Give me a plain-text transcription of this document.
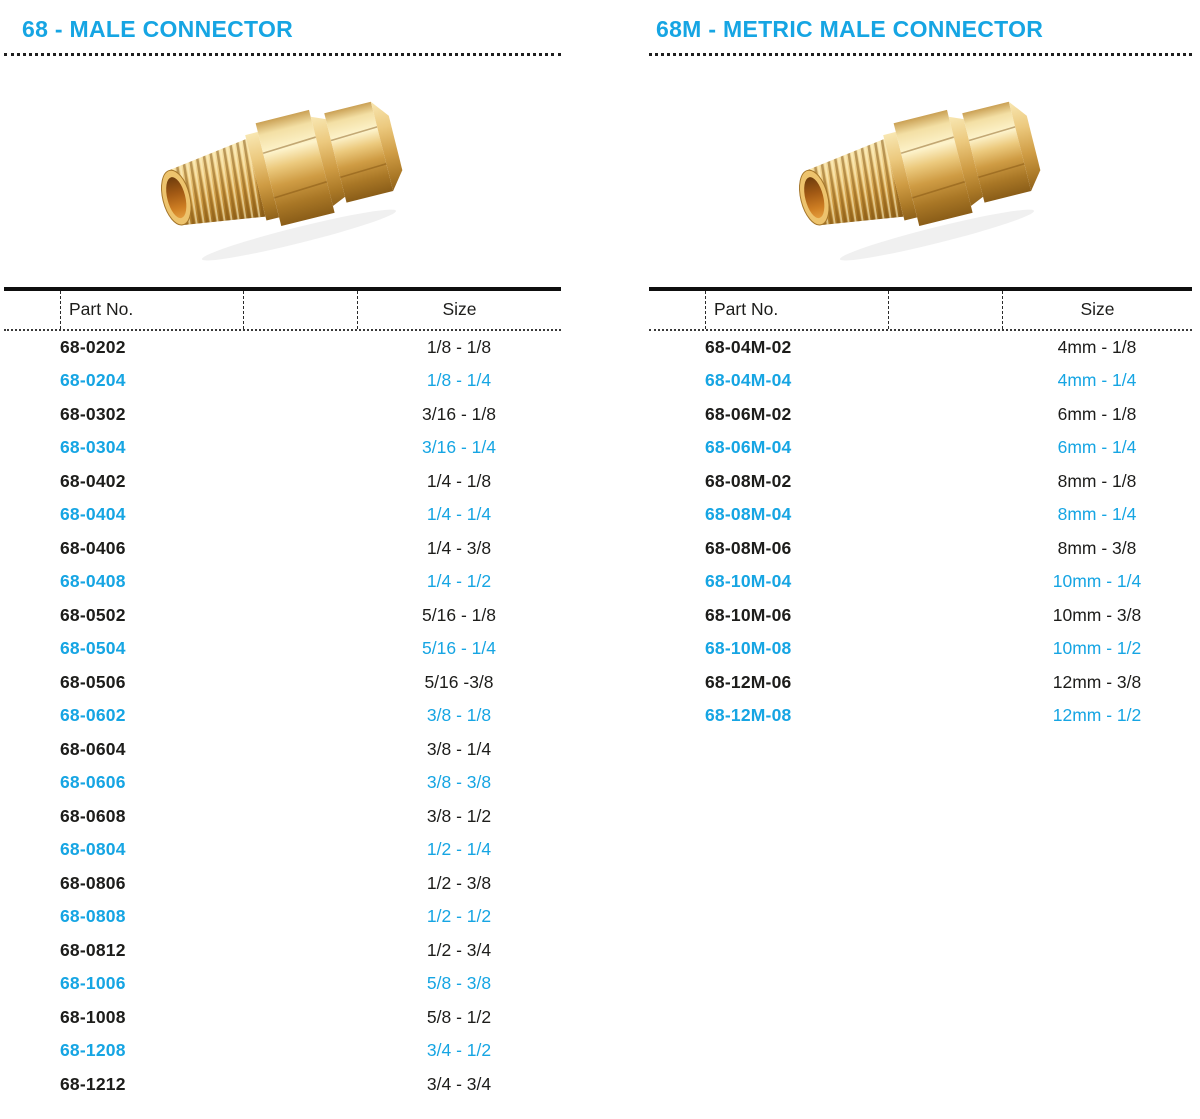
68 - MALE CONNECTOR
Part No.	Size
68-0202	1/8 - 1/8
68-0204	1/8 - 1/4
68-0302	3/16 - 1/8
68-0304	3/16 - 1/4
68-0402	1/4 - 1/8
68-0404	1/4 - 1/4
68-0406	1/4 - 3/8
68-0408	1/4 - 1/2
68-0502	5/16 - 1/8
68-0504	5/16 - 1/4
68-0506	5/16 -3/8
68-0602	3/8 - 1/8
68-0604	3/8 - 1/4
68-0606	3/8 - 3/8
68-0608	3/8 - 1/2
68-0804	1/2 - 1/4
68-0806	1/2 - 3/8
68-0808	1/2 - 1/2
68-0812	1/2 - 3/4
68-1006	5/8 - 3/8
68-1008	5/8 - 1/2
68-1208	3/4 - 1/2
68-1212	3/4 - 3/4
68M - METRIC MALE CONNECTOR
Part No.	Size
68-04M-02	4mm - 1/8
68-04M-04	4mm - 1/4
68-06M-02	6mm - 1/8
68-06M-04	6mm - 1/4
68-08M-02	8mm - 1/8
68-08M-04	8mm - 1/4
68-08M-06	8mm - 3/8
68-10M-04	10mm - 1/4
68-10M-06	10mm - 3/8
68-10M-08	10mm - 1/2
68-12M-06	12mm - 3/8
68-12M-08	12mm - 1/2
